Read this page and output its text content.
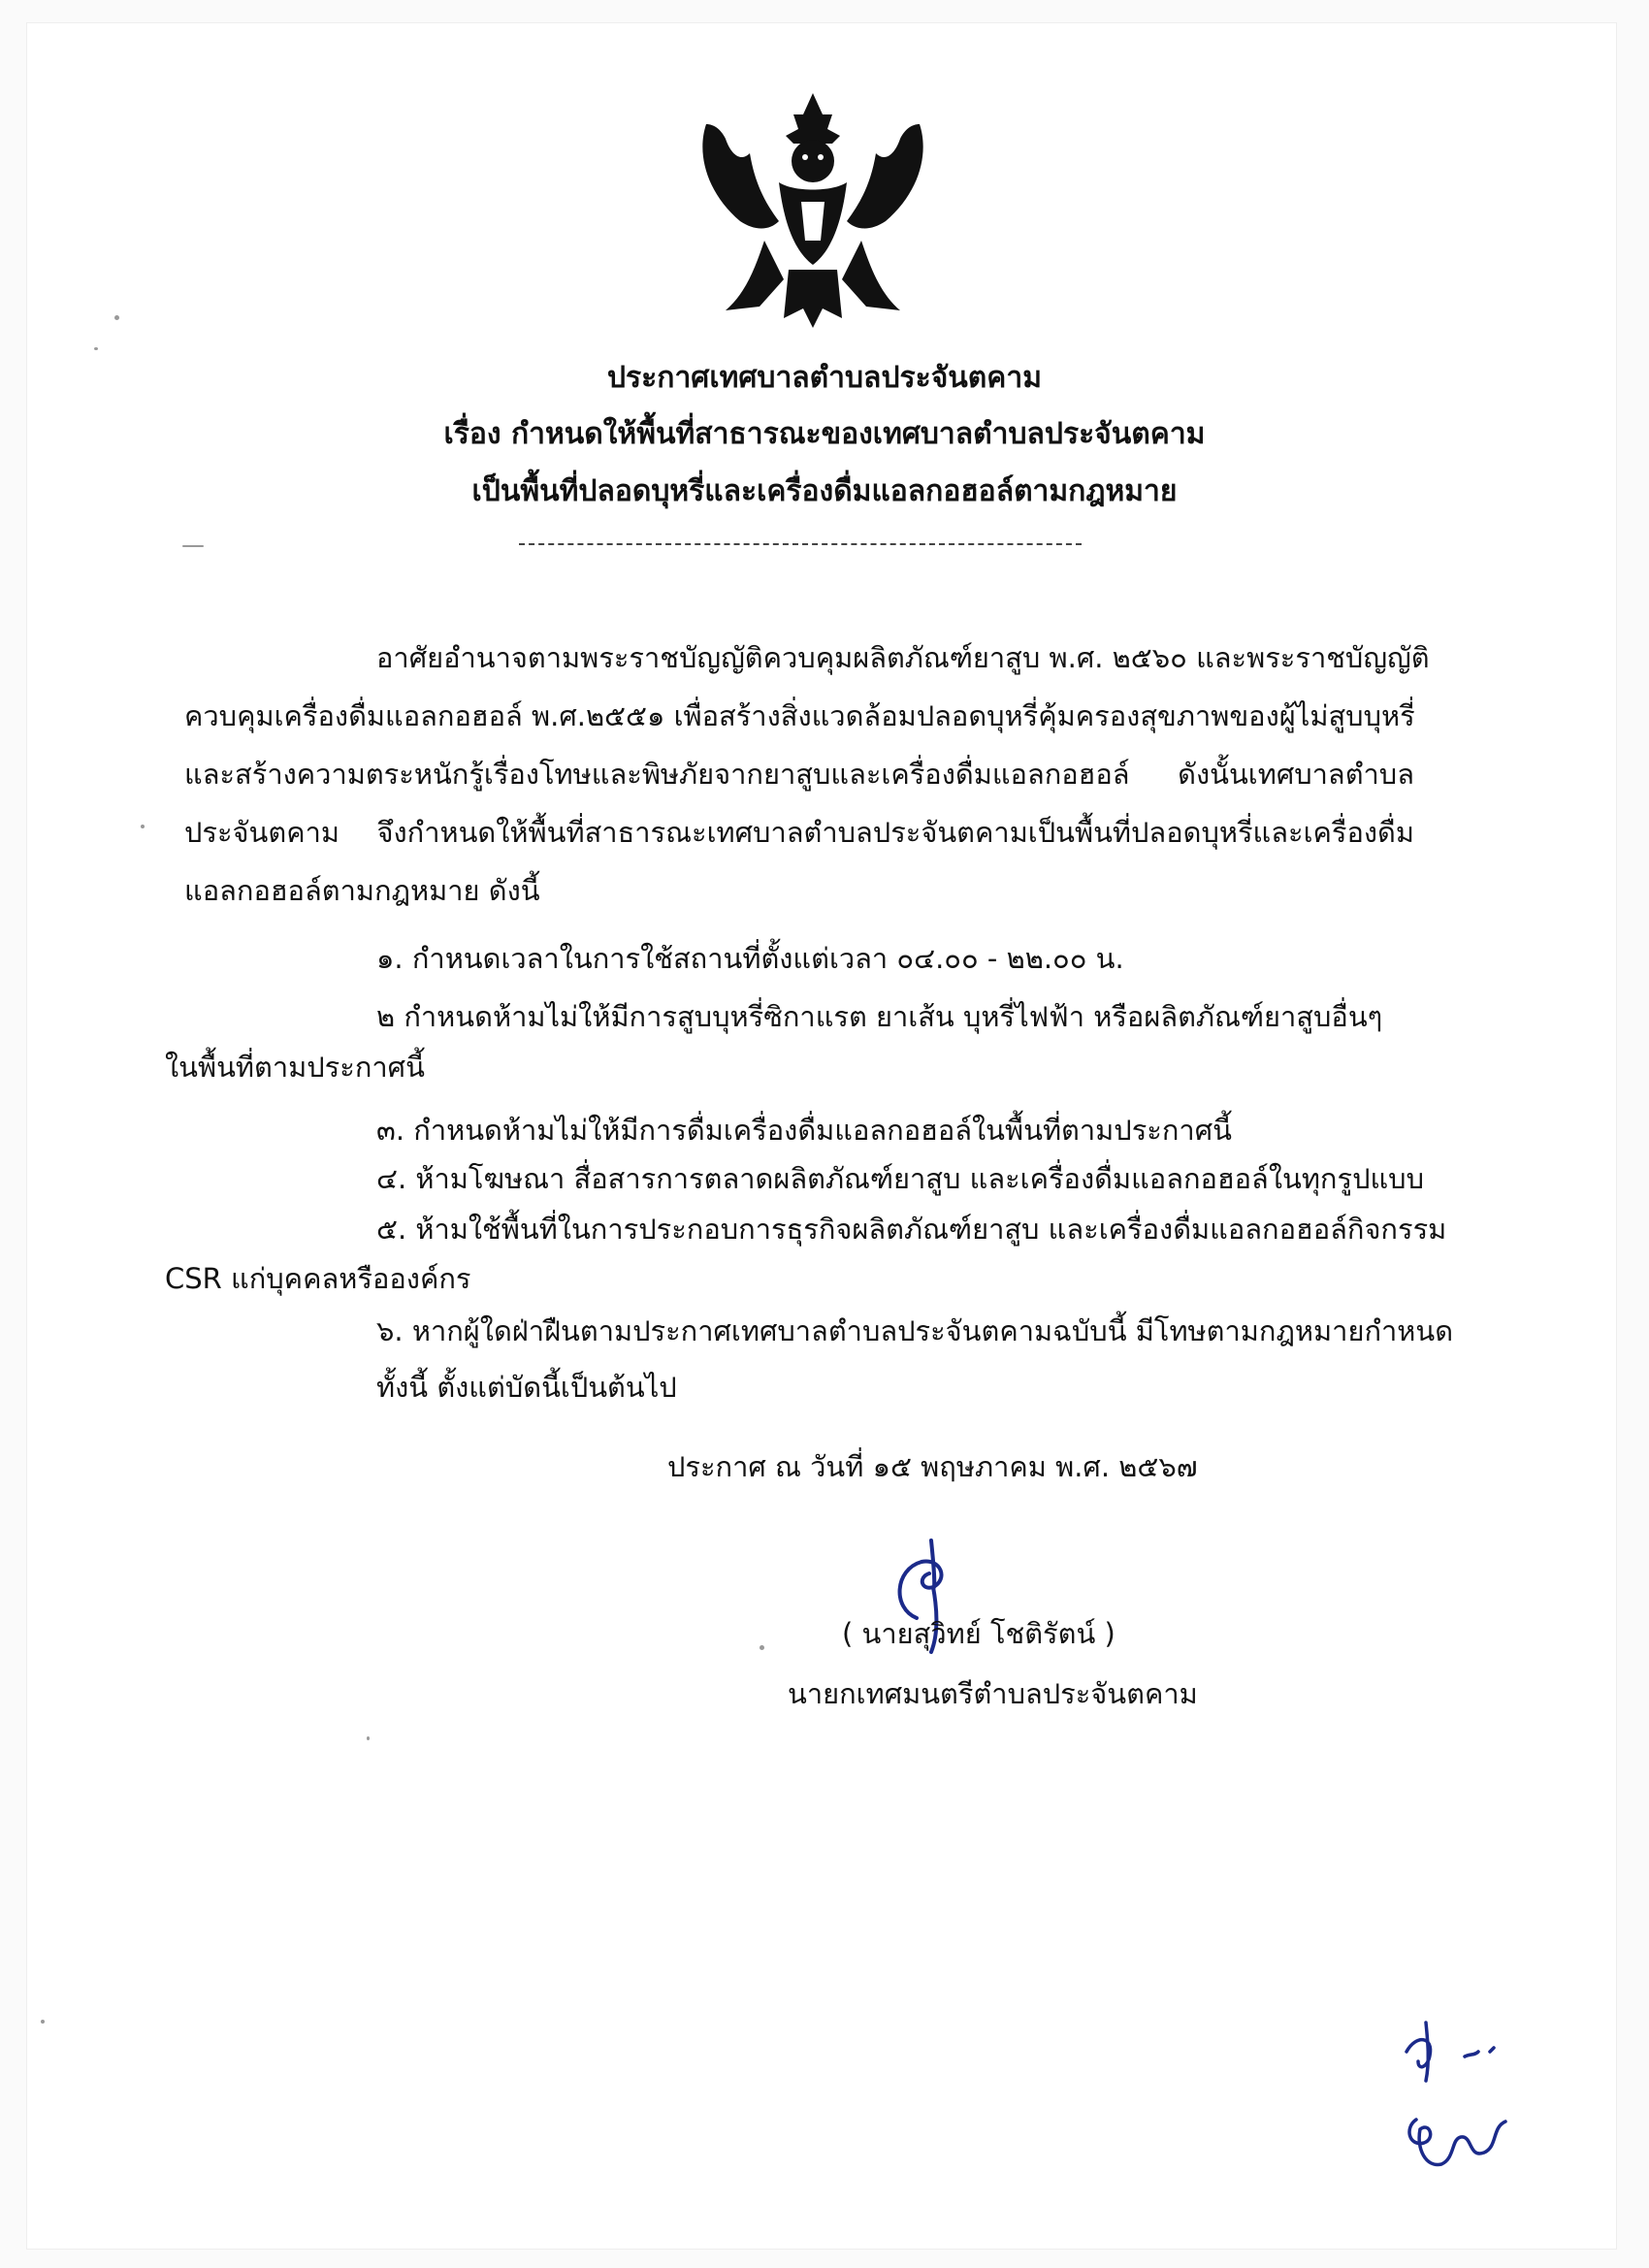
ประกาศเทศบาลตำบลประจันตคาม
เรื่อง กำหนดให้พื้นที่สาธารณะของเทศบาลตำบลประจันตคาม
เป็นพื้นที่ปลอดบุหรี่และเครื่องดื่มแอลกอฮอล์ตามกฎหมาย
อาศัยอำนาจตามพระราชบัญญัติควบคุมผลิตภัณฑ์ยาสูบ พ.ศ. ๒๕๖๐ และพระราชบัญญัติ
ควบคุมเครื่องดื่มแอลกอฮอล์ พ.ศ.๒๕๕๑ เพื่อสร้างสิ่งแวดล้อมปลอดบุหรี่คุ้มครองสุขภาพของผู้ไม่สูบบุหรี่
และสร้างความตระหนักรู้เรื่องโทษและพิษภัยจากยาสูบและเครื่องดื่มแอลกอฮอล์ ดังนั้นเทศบาลตำบล
ประจันตคาม จึงกำหนดให้พื้นที่สาธารณะเทศบาลตำบลประจันตคามเป็นพื้นที่ปลอดบุหรี่และเครื่องดื่ม
แอลกอฮอล์ตามกฎหมาย ดังนี้
๑. กำหนดเวลาในการใช้สถานที่ตั้งแต่เวลา ๐๔.๐๐ - ๒๒.๐๐ น.
๒ กำหนดห้ามไม่ให้มีการสูบบุหรี่ซิกาแรต ยาเส้น บุหรี่ไฟฟ้า หรือผลิตภัณฑ์ยาสูบอื่นๆ
ในพื้นที่ตามประกาศนี้
๓. กำหนดห้ามไม่ให้มีการดื่มเครื่องดื่มแอลกอฮอล์ในพื้นที่ตามประกาศนี้
๔. ห้ามโฆษณา สื่อสารการตลาดผลิตภัณฑ์ยาสูบ และเครื่องดื่มแอลกอฮอล์ในทุกรูปแบบ
๕. ห้ามใช้พื้นที่ในการประกอบการธุรกิจผลิตภัณฑ์ยาสูบ และเครื่องดื่มแอลกอฮอล์กิจกรรม
CSR แก่บุคคลหรือองค์กร
๖. หากผู้ใดฝ่าฝืนตามประกาศเทศบาลตำบลประจันตคามฉบับนี้ มีโทษตามกฎหมายกำหนด
ทั้งนี้ ตั้งแต่บัดนี้เป็นต้นไป
ประกาศ ณ วันที่ ๑๕ พฤษภาคม พ.ศ. ๒๕๖๗
( นายสุวิทย์ โชติรัตน์ )
นายกเทศมนตรีตำบลประจันตคาม
